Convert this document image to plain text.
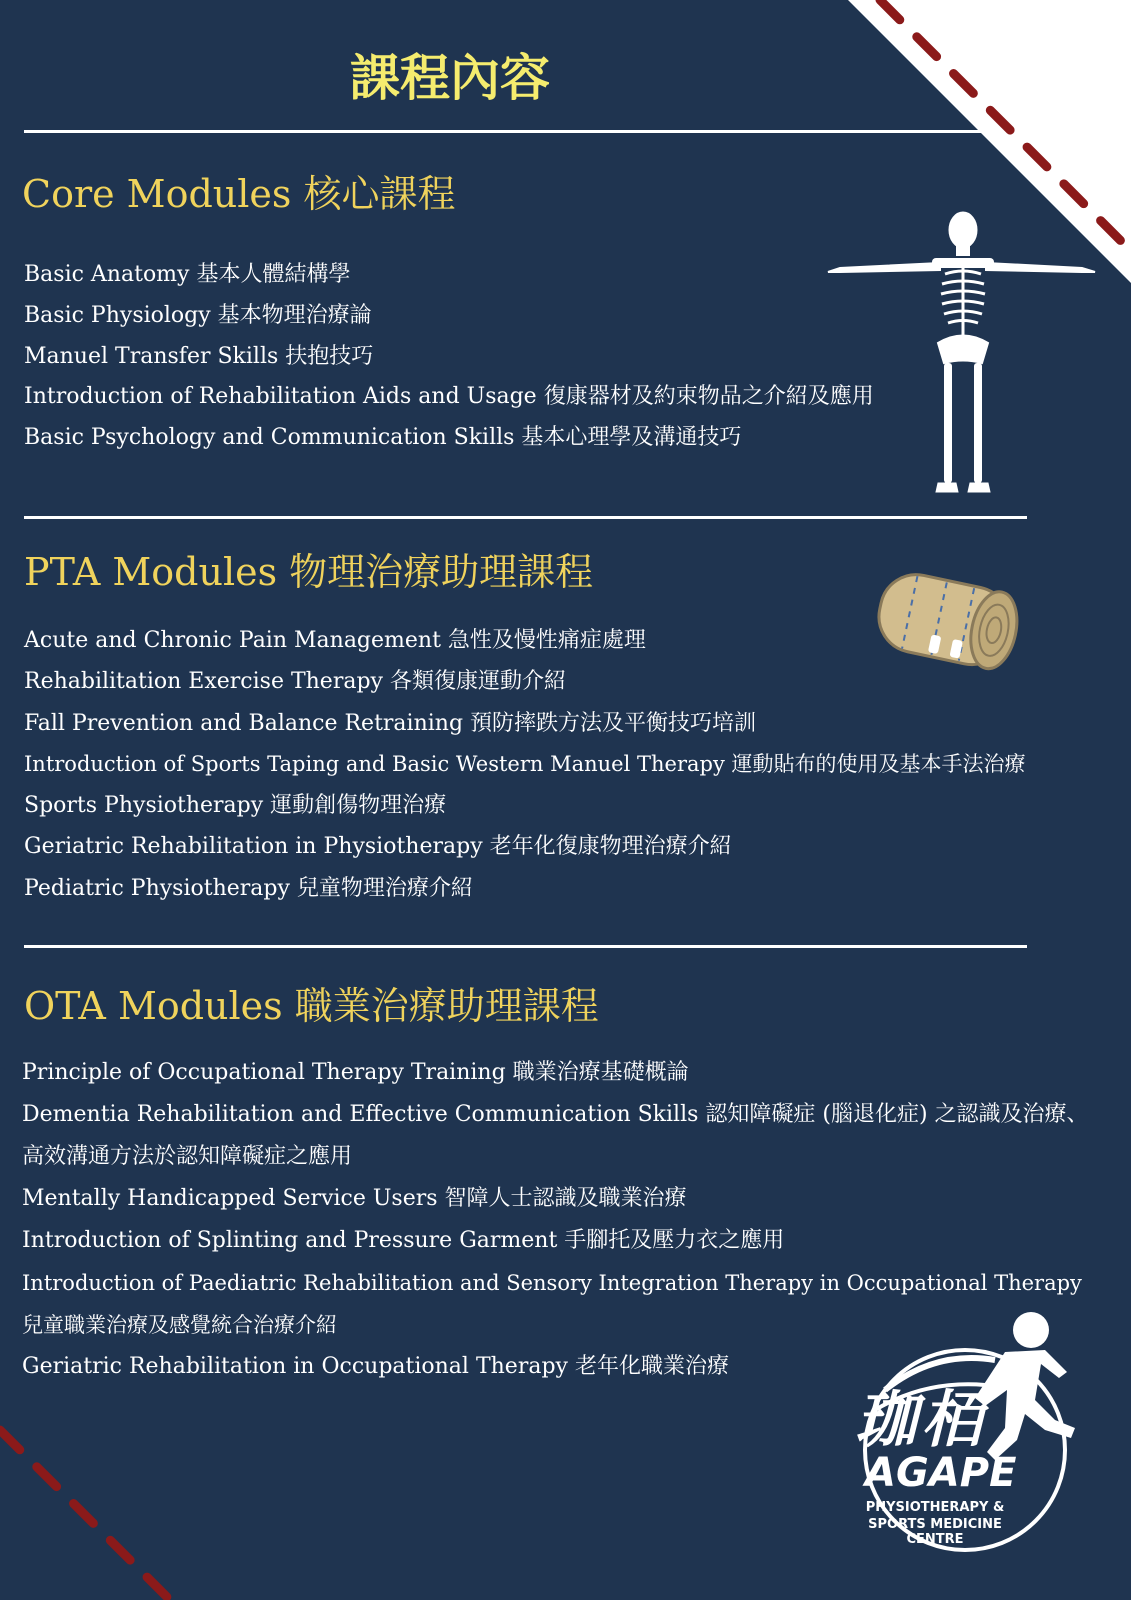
課程內容
Core Modules 核心課程
Basic Anatomy 基本人體結構學
Basic Physiology 基本物理治療論
Manuel Transfer Skills 扶抱技巧
Introduction of Rehabilitation Aids and Usage 復康器材及約束物品之介紹及應用
Basic Psychology and Communication Skills 基本心理學及溝通技巧
PTA Modules 物理治療助理課程
Acute and Chronic Pain Management 急性及慢性痛症處理
Rehabilitation Exercise Therapy 各類復康運動介紹
Fall Prevention and Balance Retraining 預防摔跌方法及平衡技巧培訓
Introduction of Sports Taping and Basic Western Manuel Therapy 運動貼布的使用及基本手法治療
Sports Physiotherapy 運動創傷物理治療
Geriatric Rehabilitation in Physiotherapy 老年化復康物理治療介紹
Pediatric Physiotherapy 兒童物理治療介紹
OTA Modules 職業治療助理課程
Principle of Occupational Therapy Training 職業治療基礎概論
Dementia Rehabilitation and Effective Communication Skills 認知障礙症 (腦退化症) 之認識及治療、高效溝通方法於認知障礙症之應用
Mentally Handicapped Service Users 智障人士認識及職業治療
Introduction of Splinting and Pressure Garment 手腳托及壓力衣之應用
Introduction of Paediatric Rehabilitation and Sensory Integration Therapy in Occupational Therapy 兒童職業治療及感覺統合治療介紹
Geriatric Rehabilitation in Occupational Therapy 老年化職業治療
珈栢
AGAPE
PHYSIOTHERAPY &
SPORTS MEDICINE CENTRE
